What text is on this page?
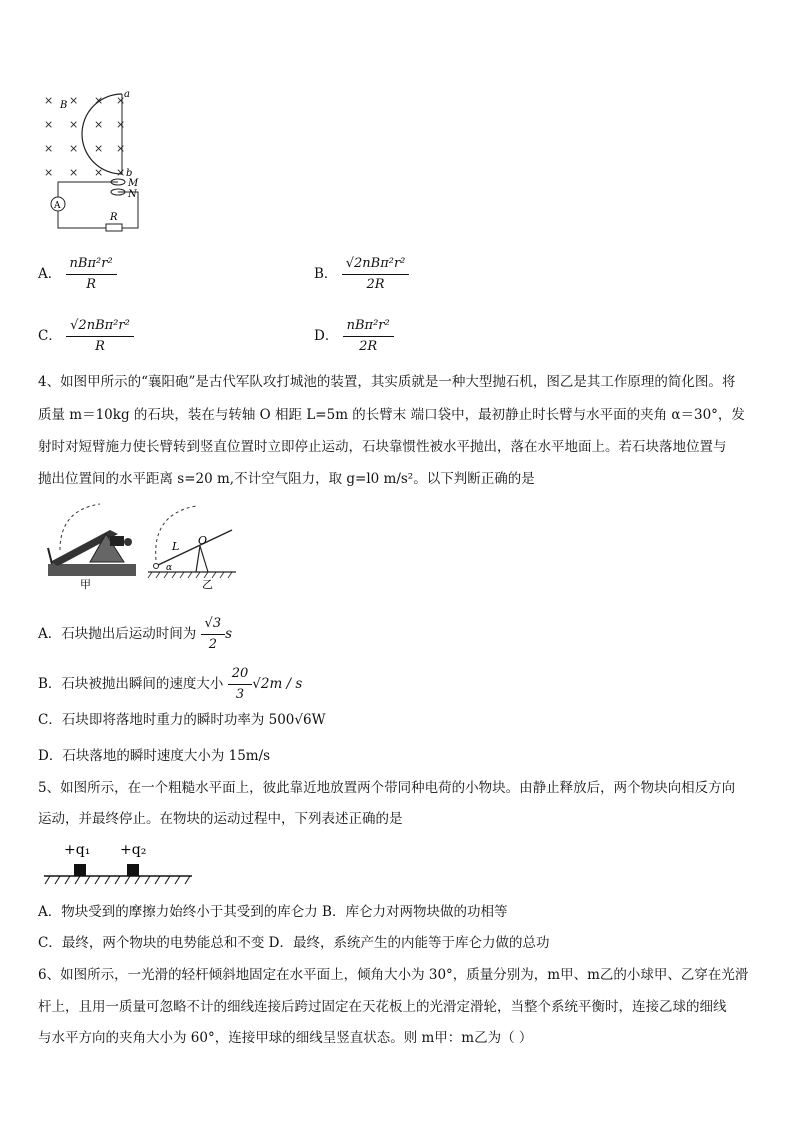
× × × ×
× × × ×
× × × ×
× × × ×
B
a
b
M
N
A
R
A． $\frac{\text{nBπ²r²}}{R}$	B． $\frac{\text{√2nBπ²r²}}{2R}$
C． $\frac{\text{√2nBπ²r²}}{R}$	D． $\frac{\text{nBπ²r²}}{2R}$
4、如图甲所示的“襄阳砲”是古代军队攻打城池的装置，其实质就是一种大型抛石机，图乙是其工作原理的简化图。将
质量 m＝10kg 的石块，装在与转轴 O 相距 L=5m 的长臂末 端口袋中，最初静止时长臂与水平面的夹角 α＝30°，发
射时对短臂施力使长臂转到竖直位置时立即停止运动，石块靠惯性被水平抛出，落在水平地面上。若石块落地位置与
抛出位置间的水平距离 s=20 m,不计空气阻力，取 g=l0 m/s²。以下判断正确的是
甲
L O
α
乙
A．石块抛出后运动时间为 $\frac{√3}{2}$ s
B．石块被抛出瞬间的速度大小 $\frac{20}{3} √2m$ / s
C．石块即将落地时重力的瞬时功率为 500√6W
D．石块落地的瞬时速度大小为 15m/s
5、如图所示，在一个粗糙水平面上，彼此靠近地放置两个带同种电荷的小物块。由静止释放后，两个物块向相反方向
运动，并最终停止。在物块的运动过程中，下列表述正确的是
+q₁ +q₂
A．物块受到的摩擦力始终小于其受到的库仑力 B．库仑力对两物块做的功相等
C．最终，两个物块的电势能总和不变 D．最终，系统产生的内能等于库仑力做的总功
6、如图所示，一光滑的轻杆倾斜地固定在水平面上，倾角大小为 30°，质量分别为，m甲、m乙的小球甲、乙穿在光滑
杆上，且用一质量可忽略不计的细线连接后跨过固定在天花板上的光滑定滑轮，当整个系统平衡时，连接乙球的细线
与水平方向的夹角大小为 60°，连接甲球的细线呈竖直状态。则 m甲：m乙为（ ）
